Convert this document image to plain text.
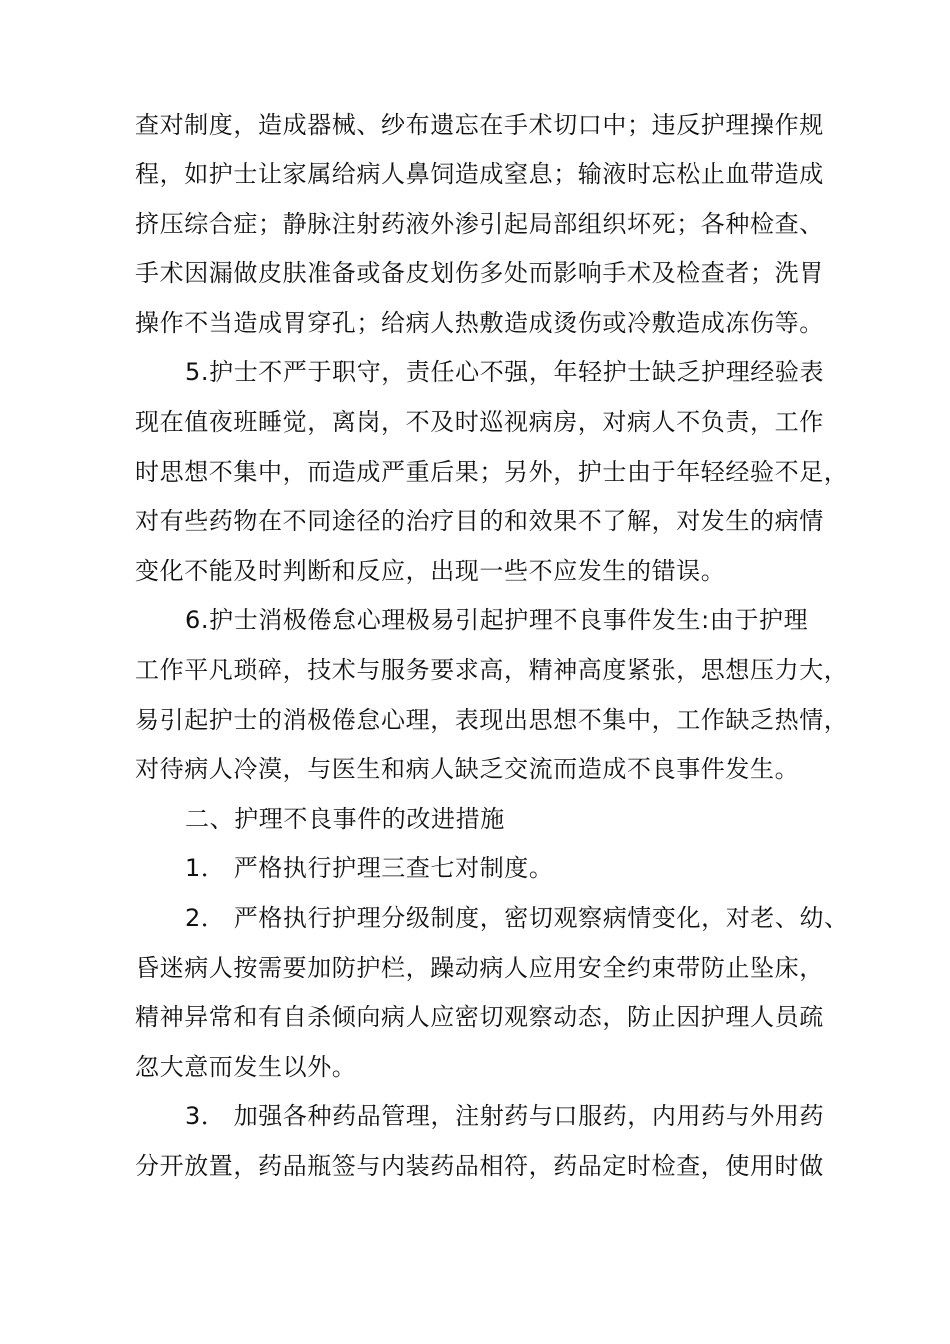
查对制度，造成器械、纱布遗忘在手术切口中；违反护理操作规
程，如护士让家属给病人鼻饲造成窒息；输液时忘松止血带造成
挤压综合症；静脉注射药液外渗引起局部组织坏死；各种检查、
手术因漏做皮肤准备或备皮划伤多处而影响手术及检查者；洗胃
操作不当造成胃穿孔；给病人热敷造成烫伤或冷敷造成冻伤等。
5.护士不严于职守，责任心不强，年轻护士缺乏护理经验表
现在值夜班睡觉，离岗，不及时巡视病房，对病人不负责，工作
时思想不集中，而造成严重后果；另外，护士由于年轻经验不足，
对有些药物在不同途径的治疗目的和效果不了解，对发生的病情
变化不能及时判断和反应，出现一些不应发生的错误。
6.护士消极倦怠心理极易引起护理不良事件发生:由于护理
工作平凡琐碎，技术与服务要求高，精神高度紧张，思想压力大，
易引起护士的消极倦怠心理，表现出思想不集中，工作缺乏热情，
对待病人冷漠，与医生和病人缺乏交流而造成不良事件发生。
二、护理不良事件的改进措施
1． 严格执行护理三查七对制度。
2． 严格执行护理分级制度，密切观察病情变化，对老、幼、
昏迷病人按需要加防护栏，躁动病人应用安全约束带防止坠床，
精神异常和有自杀倾向病人应密切观察动态，防止因护理人员疏
忽大意而发生以外。
3． 加强各种药品管理，注射药与口服药，内用药与外用药
分开放置，药品瓶签与内装药品相符，药品定时检查，使用时做
